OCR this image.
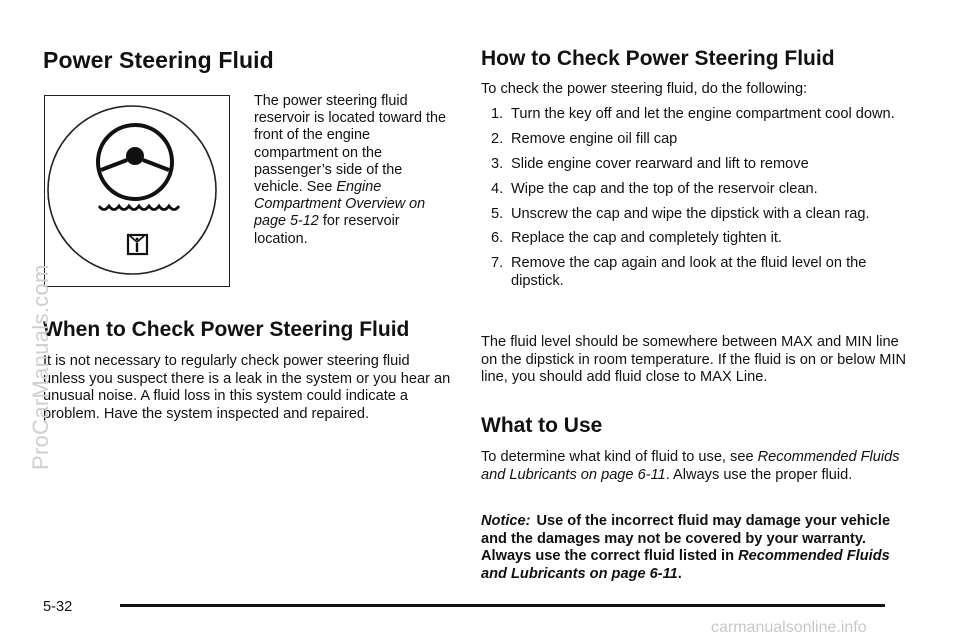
Power Steering Fluid

The power steering fluid reservoir is located toward the front of the engine compartment on the passenger’s side of the vehicle. See Engine Compartment Overview on page 5-12 for reservoir location.

When to Check Power Steering Fluid

It is not necessary to regularly check power steering fluid unless you suspect there is a leak in the system or you hear an unusual noise. A fluid loss in this system could indicate a problem. Have the system inspected and repaired.

How to Check Power Steering Fluid

To check the power steering fluid, do the following:

1. Turn the key off and let the engine compartment cool down.
2. Remove engine oil fill cap
3. Slide engine cover rearward and lift to remove
4. Wipe the cap and the top of the reservoir clean.
5. Unscrew the cap and wipe the dipstick with a clean rag.
6. Replace the cap and completely tighten it.
7. Remove the cap again and look at the fluid level on the dipstick.

The fluid level should be somewhere between MAX and MIN line on the dipstick in room temperature. If the fluid is on or below MIN line, you should add fluid close to MAX Line.

What to Use

To determine what kind of fluid to use, see Recommended Fluids and Lubricants on page 6-11. Always use the proper fluid.

Notice: Use of the incorrect fluid may damage your vehicle and the damages may not be covered by your warranty. Always use the correct fluid listed in Recommended Fluids and Lubricants on page 6-11.

5-32
ProCarManuals.com
carmanualsonline.info
